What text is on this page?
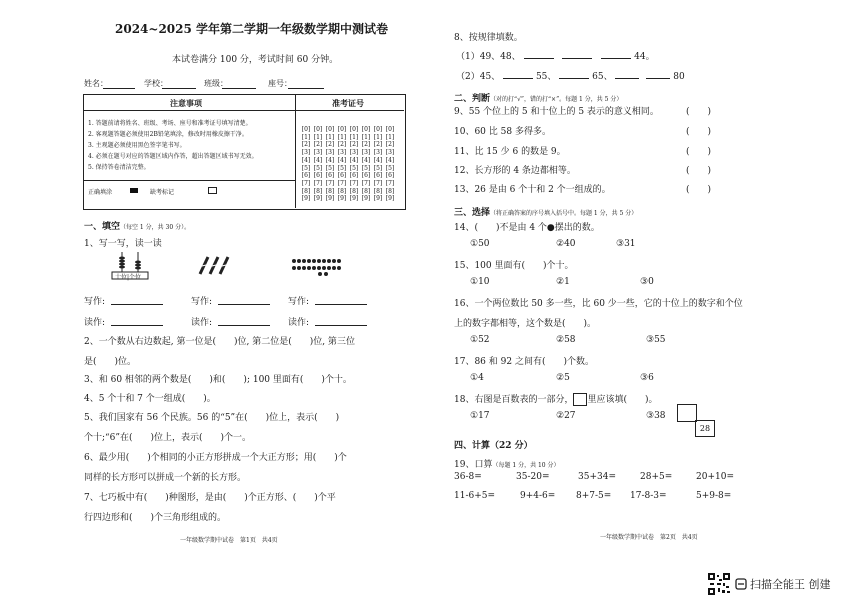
2024~2025 学年第二学期一年级数学期中测试卷
本试卷满分 100 分，考试时间 60 分钟。
姓名：	学校：	班级：	座号：
注意事项	准考证号
1. 答题前请将姓名、班级、考场、座号和准考证号填写清楚。
2. 客观题答题必须使用2B铅笔填涂，修改时用橡皮擦干净。
3. 主观题必须使用黑色签字笔书写。
4. 必须在题号对应的答题区域内作答，超出答题区域书写无效。
5. 保持答卷清洁完整。
正确填涂	缺考标记
[0] [0] [0] [0] [0] [0] [0] [0]
[1] [1] [1] [1] [1] [1] [1] [1]
[2] [2] [2] [2] [2] [2] [2] [2]
[3] [3] [3] [3] [3] [3] [3] [3]
[4] [4] [4] [4] [4] [4] [4] [4]
[5] [5] [5] [5] [5] [5] [5] [5]
[6] [6] [6] [6] [6] [6] [6] [6]
[7] [7] [7] [7] [7] [7] [7] [7]
[8] [8] [8] [8] [8] [8] [8] [8]
[9] [9] [9] [9] [9] [9] [9] [9]
一、填空（每空 1 分，共 30 分）。
1、写一写，读一读
十位|个位
写作:	写作:	写作:
读作:	读作:	读作:
2、一个数从右边数起, 第一位是(　　)位, 第二位是(　　)位, 第三位
是(　　)位。
3、和 60 相邻的两个数是(　　)和(　　); 100 里面有(　　)个十。
4、5 个十和 7 个一组成(　　)。
5、我们国家有 56 个民族。56 的“5”在(　　)位上，表示(　　)
个十;“6”在(　　)位上，表示(　　)个一。
6、最少用(　　)个相同的小正方形拼成一个大正方形；用(　　)个
同样的长方形可以拼成一个新的长方形。
7、七巧板中有(　　)种图形，是由(　　)个正方形、(　　)个平
行四边形和(　　)个三角形组成的。
一年级数学期中试卷　第1页　共4页
8、按规律填数。
（1）49、48、	44。
（2）45、	55、	65、	80
二、判断（对的打“√”，错的打“×”。每题 1 分，共 5 分）
9、55 个位上的 5 和十位上的 5 表示的意义相同。	(　　)
10、60 比 58 多得多。	(　　)
11、比 15 少 6 的数是 9。	(　　)
12、长方形的 4 条边都相等。	(　　)
13、26 是由 6 个十和 2 个一组成的。	(　　)
三、选择（将正确答案的序号填入括号中。每题 1 分，共 5 分）
14、(　　)不是由 4 个●摆出的数。
①50	②40	③31
15、100 里面有(　　)个十。
①10	②1	③0
16、一个两位数比 50 多一些，比 60 少一些，它的十位上的数字和个位
上的数字都相等，这个数是(　　)。
①52	②58	③55
17、86 和 92 之间有(　　)个数。
①4	②5	③6
18、右图是百数表的一部分， 里应该填(　　)。
①17	②27	③38
28
四、计算（22 分）
19、口算（每题 1 分，共 10 分）
36-8=	35-20=	35+34=	28+5=	20+10=
11-6+5=	9+4-6= 8+7-5= 17-8-3=	5+9-8=
一年级数学期中试卷　第2页　共4页
扫描全能王 创建
